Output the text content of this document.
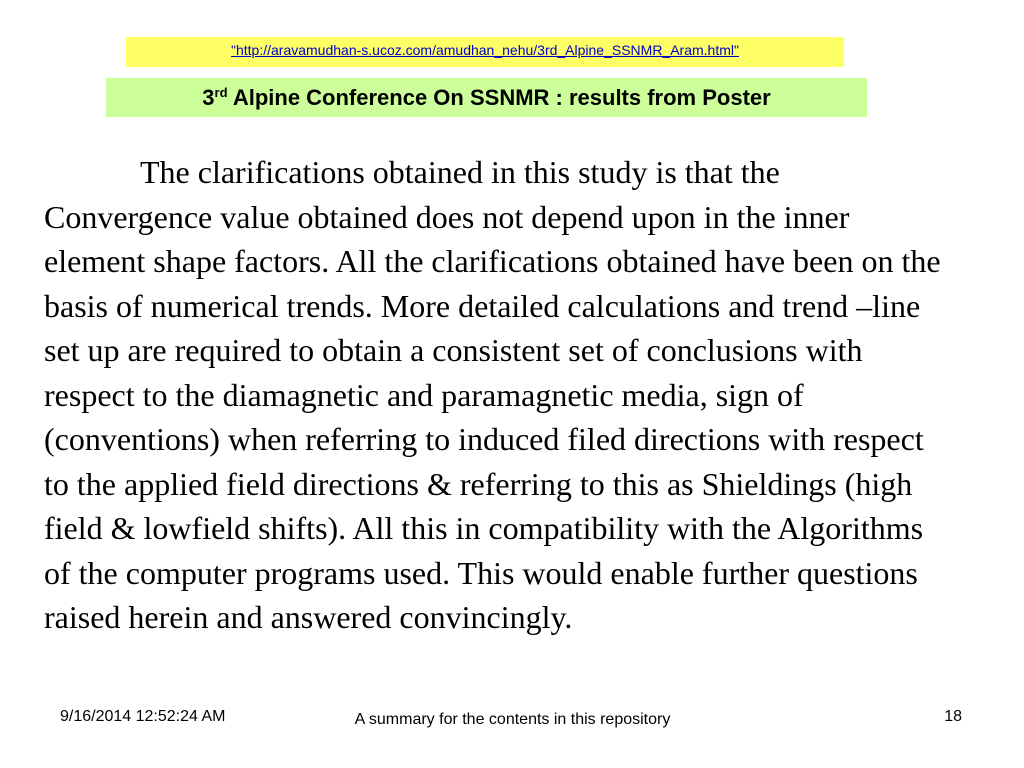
"http://aravamudhan-s.ucoz.com/amudhan_nehu/3rd_Alpine_SSNMR_Aram.html"
3rd Alpine Conference On SSNMR : results from Poster
The clarifications obtained in this study is that the
Convergence value obtained does not depend upon in the inner
element shape factors. All the clarifications obtained have been on the
basis of numerical trends. More detailed calculations and trend –line
set up are required to obtain a consistent set of conclusions with
respect to the diamagnetic and paramagnetic media, sign of
(conventions) when referring to induced filed directions with respect
to the applied field directions & referring to this as Shieldings (high
field & lowfield shifts). All this in compatibility with the Algorithms
of the computer programs used. This would enable further questions
raised herein and answered convincingly.
9/16/2014 12:52:24 AM	A summary for the contents in this repository	18
